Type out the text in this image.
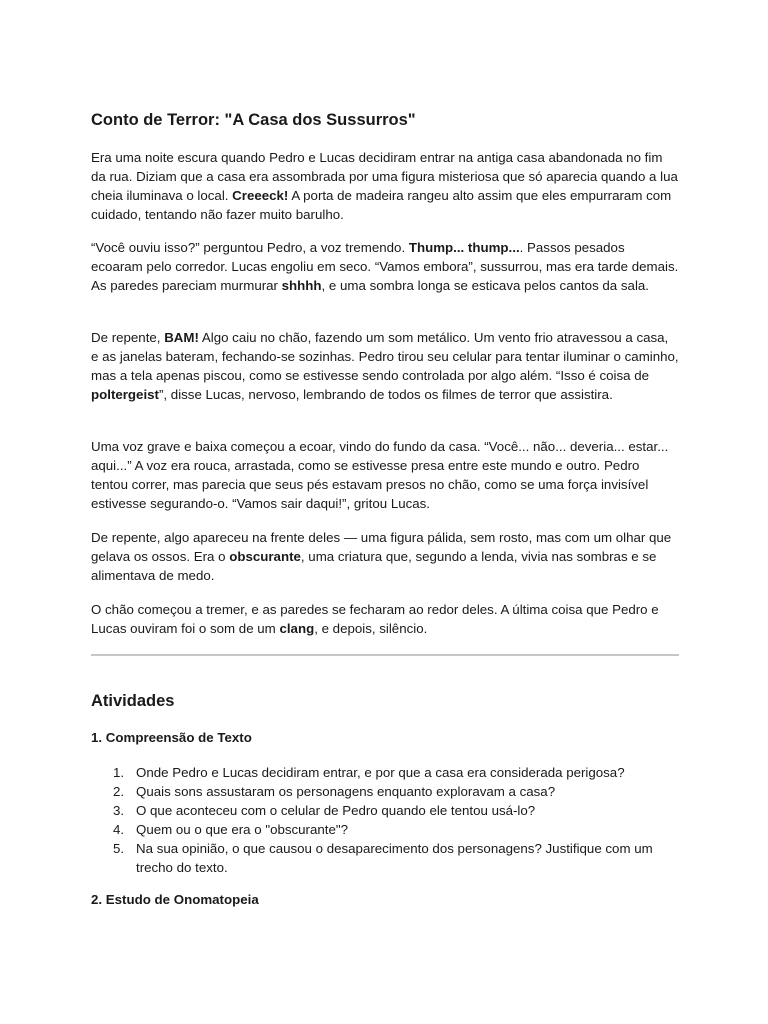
Conto de Terror: "A Casa dos Sussurros"

Era uma noite escura quando Pedro e Lucas decidiram entrar na antiga casa abandonada no fim da rua. Diziam que a casa era assombrada por uma figura misteriosa que só aparecia quando a lua cheia iluminava o local. Creeeck! A porta de madeira rangeu alto assim que eles empurraram com cuidado, tentando não fazer muito barulho.

“Você ouviu isso?” perguntou Pedro, a voz tremendo. Thump... thump.... Passos pesados ecoaram pelo corredor. Lucas engoliu em seco. “Vamos embora”, sussurrou, mas era tarde demais. As paredes pareciam murmurar shhhh, e uma sombra longa se esticava pelos cantos da sala.

De repente, BAM! Algo caiu no chão, fazendo um som metálico. Um vento frio atravessou a casa, e as janelas bateram, fechando-se sozinhas. Pedro tirou seu celular para tentar iluminar o caminho, mas a tela apenas piscou, como se estivesse sendo controlada por algo além. “Isso é coisa de poltergeist”, disse Lucas, nervoso, lembrando de todos os filmes de terror que assistira.

Uma voz grave e baixa começou a ecoar, vindo do fundo da casa. “Você... não... deveria... estar... aqui...” A voz era rouca, arrastada, como se estivesse presa entre este mundo e outro. Pedro tentou correr, mas parecia que seus pés estavam presos no chão, como se uma força invisível estivesse segurando-o. “Vamos sair daqui!”, gritou Lucas.

De repente, algo apareceu na frente deles — uma figura pálida, sem rosto, mas com um olhar que gelava os ossos. Era o obscurante, uma criatura que, segundo a lenda, vivia nas sombras e se alimentava de medo.

O chão começou a tremer, e as paredes se fecharam ao redor deles. A última coisa que Pedro e Lucas ouviram foi o som de um clang, e depois, silêncio.

Atividades
1. Compreensão de Texto
1. Onde Pedro e Lucas decidiram entrar, e por que a casa era considerada perigosa?
2. Quais sons assustaram os personagens enquanto exploravam a casa?
3. O que aconteceu com o celular de Pedro quando ele tentou usá-lo?
4. Quem ou o que era o "obscurante"?
5. Na sua opinião, o que causou o desaparecimento dos personagens? Justifique com um trecho do texto.
2. Estudo de Onomatopeia
